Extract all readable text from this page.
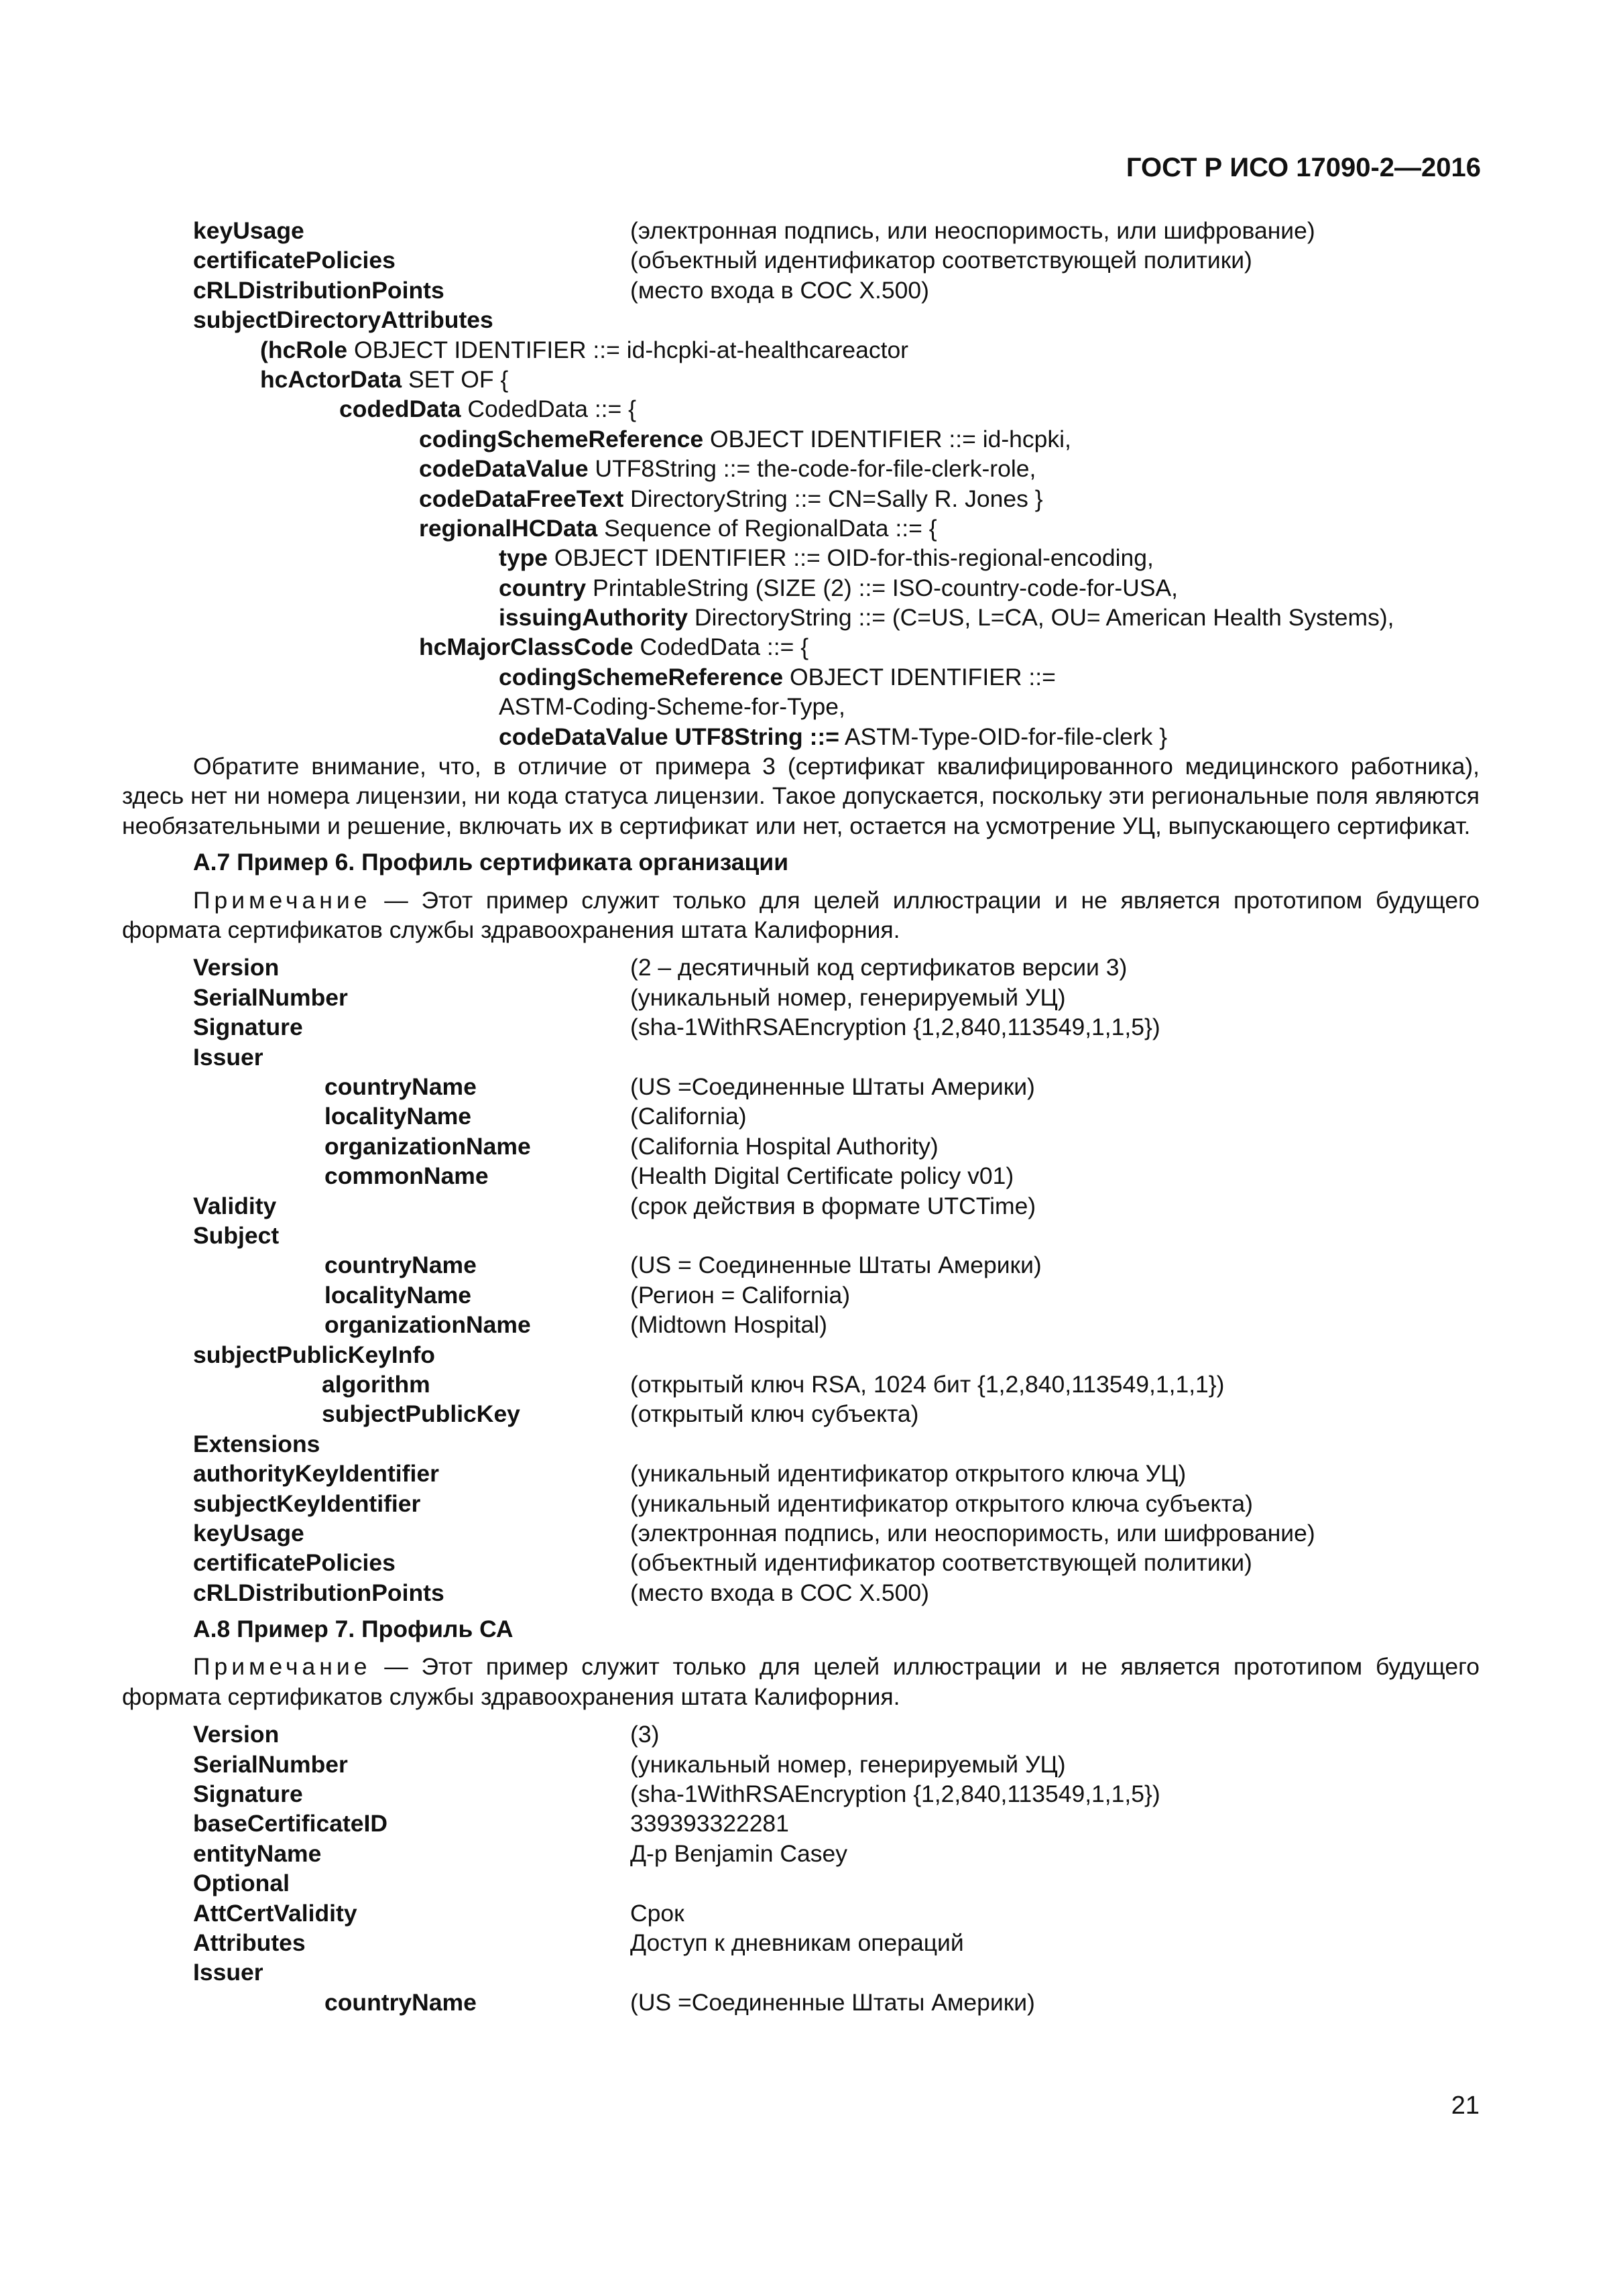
ГОСТ Р ИСО 17090-2—2016
keyUsage	(электронная подпись, или неоспоримость, или шифрование)
certificatePolicies	(объектный идентификатор соответствующей политики)
cRLDistributionPoints	(место входа в СОС X.500)
subjectDirectoryAttributes
(hcRole OBJECT IDENTIFIER ::= id-hcpki-at-healthcareactor
hcActorData SET OF {
codedData CodedData ::= {
codingSchemeReference OBJECT IDENTIFIER ::= id-hcpki,
codeDataValue UTF8String ::= the-code-for-file-clerk-role,
codeDataFreeText DirectoryString ::= CN=Sally R. Jones }
regionalHCData Sequence of RegionalData ::= {
type OBJECT IDENTIFIER ::= OID-for-this-regional-encoding,
country PrintableString (SIZE (2) ::= ISO-country-code-for-USA,
issuingAuthority DirectoryString ::= (C=US, L=CA, OU= American Health Systems),
hcMajorClassCode CodedData ::= {
codingSchemeReference OBJECT IDENTIFIER ::=
ASTM-Coding-Scheme-for-Type,
codeDataValue UTF8String ::= ASTM-Type-OID-for-file-clerk }
Обратите внимание, что, в отличие от примера 3 (сертификат квалифицированного медицинского работника), здесь нет ни номера лицензии, ни кода статуса лицензии. Такое допускается, поскольку эти региональные поля являются необязательными и решение, включать их в сертификат или нет, остается на усмотрение УЦ, выпускающего сертификат.
А.7 Пример 6. Профиль сертификата организации
Примечание — Этот пример служит только для целей иллюстрации и не является прототипом будущего формата сертификатов службы здравоохранения штата Калифорния.
Version	(2 – десятичный код сертификатов версии 3)
SerialNumber	(уникальный номер, генерируемый УЦ)
Signature	(sha-1WithRSAEncryption {1,2,840,113549,1,1,5})
Issuer
countryName	(US =Соединенные Штаты Америки)
localityName	(California)
organizationName	(California Hospital Authority)
commonName	(Health Digital Certificate policy v01)
Validity	(срок действия в формате UTCTime)
Subject
countryName	(US = Соединенные Штаты Америки)
localityName	(Регион = California)
organizationName	(Midtown Hospital)
subjectPublicKeyInfo
algorithm	(открытый ключ RSA, 1024 бит {1,2,840,113549,1,1,1})
subjectPublicKey	(открытый ключ субъекта)
Extensions
authorityKeyIdentifier	(уникальный идентификатор открытого ключа УЦ)
subjectKeyIdentifier	(уникальный идентификатор открытого ключа субъекта)
keyUsage	(электронная подпись, или неоспоримость, или шифрование)
certificatePolicies	(объектный идентификатор соответствующей политики)
cRLDistributionPoints	(место входа в СОС X.500)
А.8 Пример 7. Профиль СА
Примечание — Этот пример служит только для целей иллюстрации и не является прототипом будущего формата сертификатов службы здравоохранения штата Калифорния.
Version	(3)
SerialNumber	(уникальный номер, генерируемый УЦ)
Signature	(sha-1WithRSAEncryption {1,2,840,113549,1,1,5})
baseCertificateID	339393322281
entityName	Д-р Benjamin Casey
Optional
AttCertValidity	Срок
Attributes	Доступ к дневникам операций
Issuer
countryName	(US =Соединенные Штаты Америки)
21
